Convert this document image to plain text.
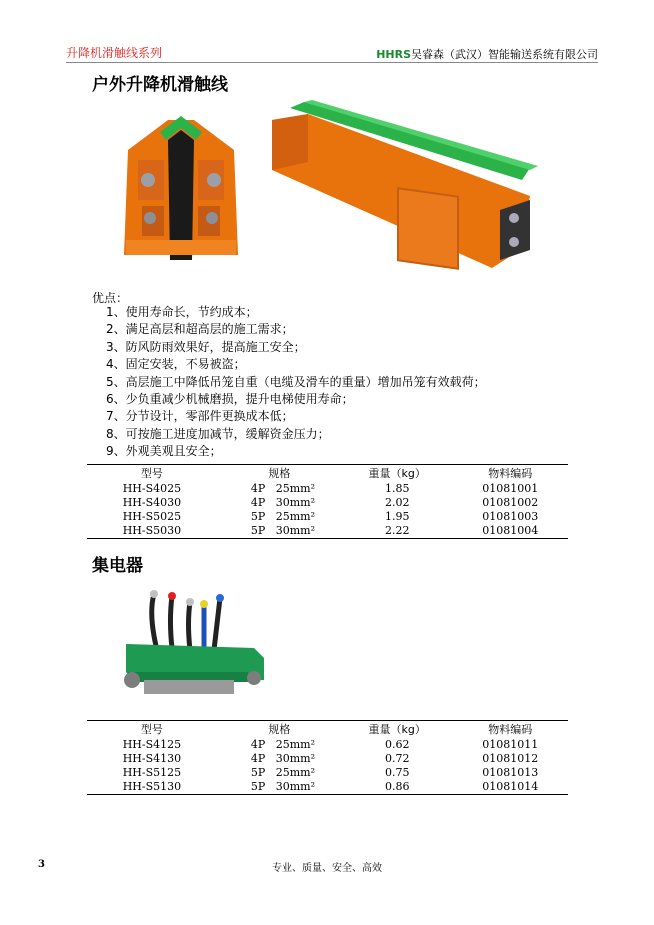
升降机滑触线系列	HHRS吴睿森（武汉）智能输送系统有限公司
户外升降机滑触线
优点：
1、使用寿命长，节约成本；
2、满足高层和超高层的施工需求；
3、防风防雨效果好，提高施工安全；
4、固定安装，不易被盗；
5、高层施工中降低吊笼自重（电缆及滑车的重量）增加吊笼有效载荷；
6、少负重减少机械磨损，提升电梯使用寿命；
7、分节设计，零部件更换成本低；
8、可按施工进度加减节，缓解资金压力；
9、外观美观且安全；
型号	规格	重量（kg）	物料编码
HH-S4025	4P   25mm²	1.85	01081001
HH-S4030	4P   30mm²	2.02	01081002
HH-S5025	5P   25mm²	1.95	01081003
HH-S5030	5P   30mm²	2.22	01081004
集电器
型号	规格	重量（kg）	物料编码
HH-S4125	4P   25mm²	0.62	01081011
HH-S4130	4P   30mm²	0.72	01081012
HH-S5125	5P   25mm²	0.75	01081013
HH-S5130	5P   30mm²	0.86	01081014
专业、质量、安全、高效
3
